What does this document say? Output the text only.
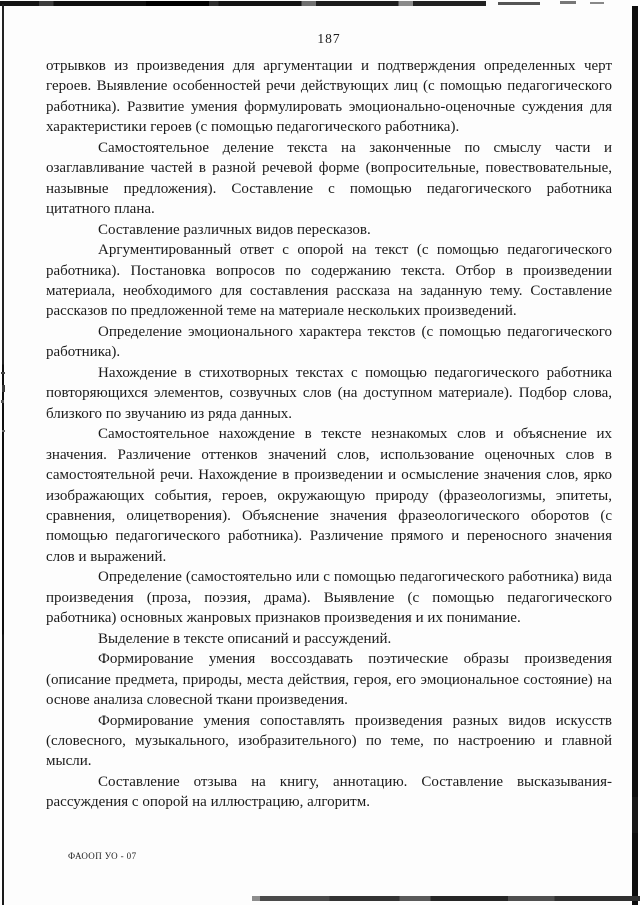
187

отрывков из произведения для аргументации и подтверждения определенных черт героев. Выявление особенностей речи действующих лиц (с помощью педагогического работника). Развитие умения формулировать эмоционально-оценочные суждения для характеристики героев (с помощью педагогического работника).

Самостоятельное деление текста на законченные по смыслу части и озаглавливание частей в разной речевой форме (вопросительные, повествовательные, назывные предложения). Составление с помощью педагогического работника цитатного плана.

Составление различных видов пересказов.

Аргументированный ответ с опорой на текст (с помощью педагогического работника). Постановка вопросов по содержанию текста. Отбор в произведении материала, необходимого для составления рассказа на заданную тему. Составление рассказов по предложенной теме на материале нескольких произведений.

Определение эмоционального характера текстов (с помощью педагогического работника).

Нахождение в стихотворных текстах с помощью педагогического работника повторяющихся элементов, созвучных слов (на доступном материале). Подбор слова, близкого по звучанию из ряда данных.

Самостоятельное нахождение в тексте незнакомых слов и объяснение их значения. Различение оттенков значений слов, использование оценочных слов в самостоятельной речи. Нахождение в произведении и осмысление значения слов, ярко изображающих события, героев, окружающую природу (фразеологизмы, эпитеты, сравнения, олицетворения). Объяснение значения фразеологического оборотов (с помощью педагогического работника). Различение прямого и переносного значения слов и выражений.

Определение (самостоятельно или с помощью педагогического работника) вида произведения (проза, поэзия, драма). Выявление (с помощью педагогического работника) основных жанровых признаков произведения и их понимание.

Выделение в тексте описаний и рассуждений.

Формирование умения воссоздавать поэтические образы произведения (описание предмета, природы, места действия, героя, его эмоциональное состояние) на основе анализа словесной ткани произведения.

Формирование умения сопоставлять произведения разных видов искусств (словесного, музыкального, изобразительного) по теме, по настроению и главной мысли.

Составление отзыва на книгу, аннотацию. Составление высказывания-рассуждения с опорой на иллюстрацию, алгоритм.

ФАООП УО - 07
